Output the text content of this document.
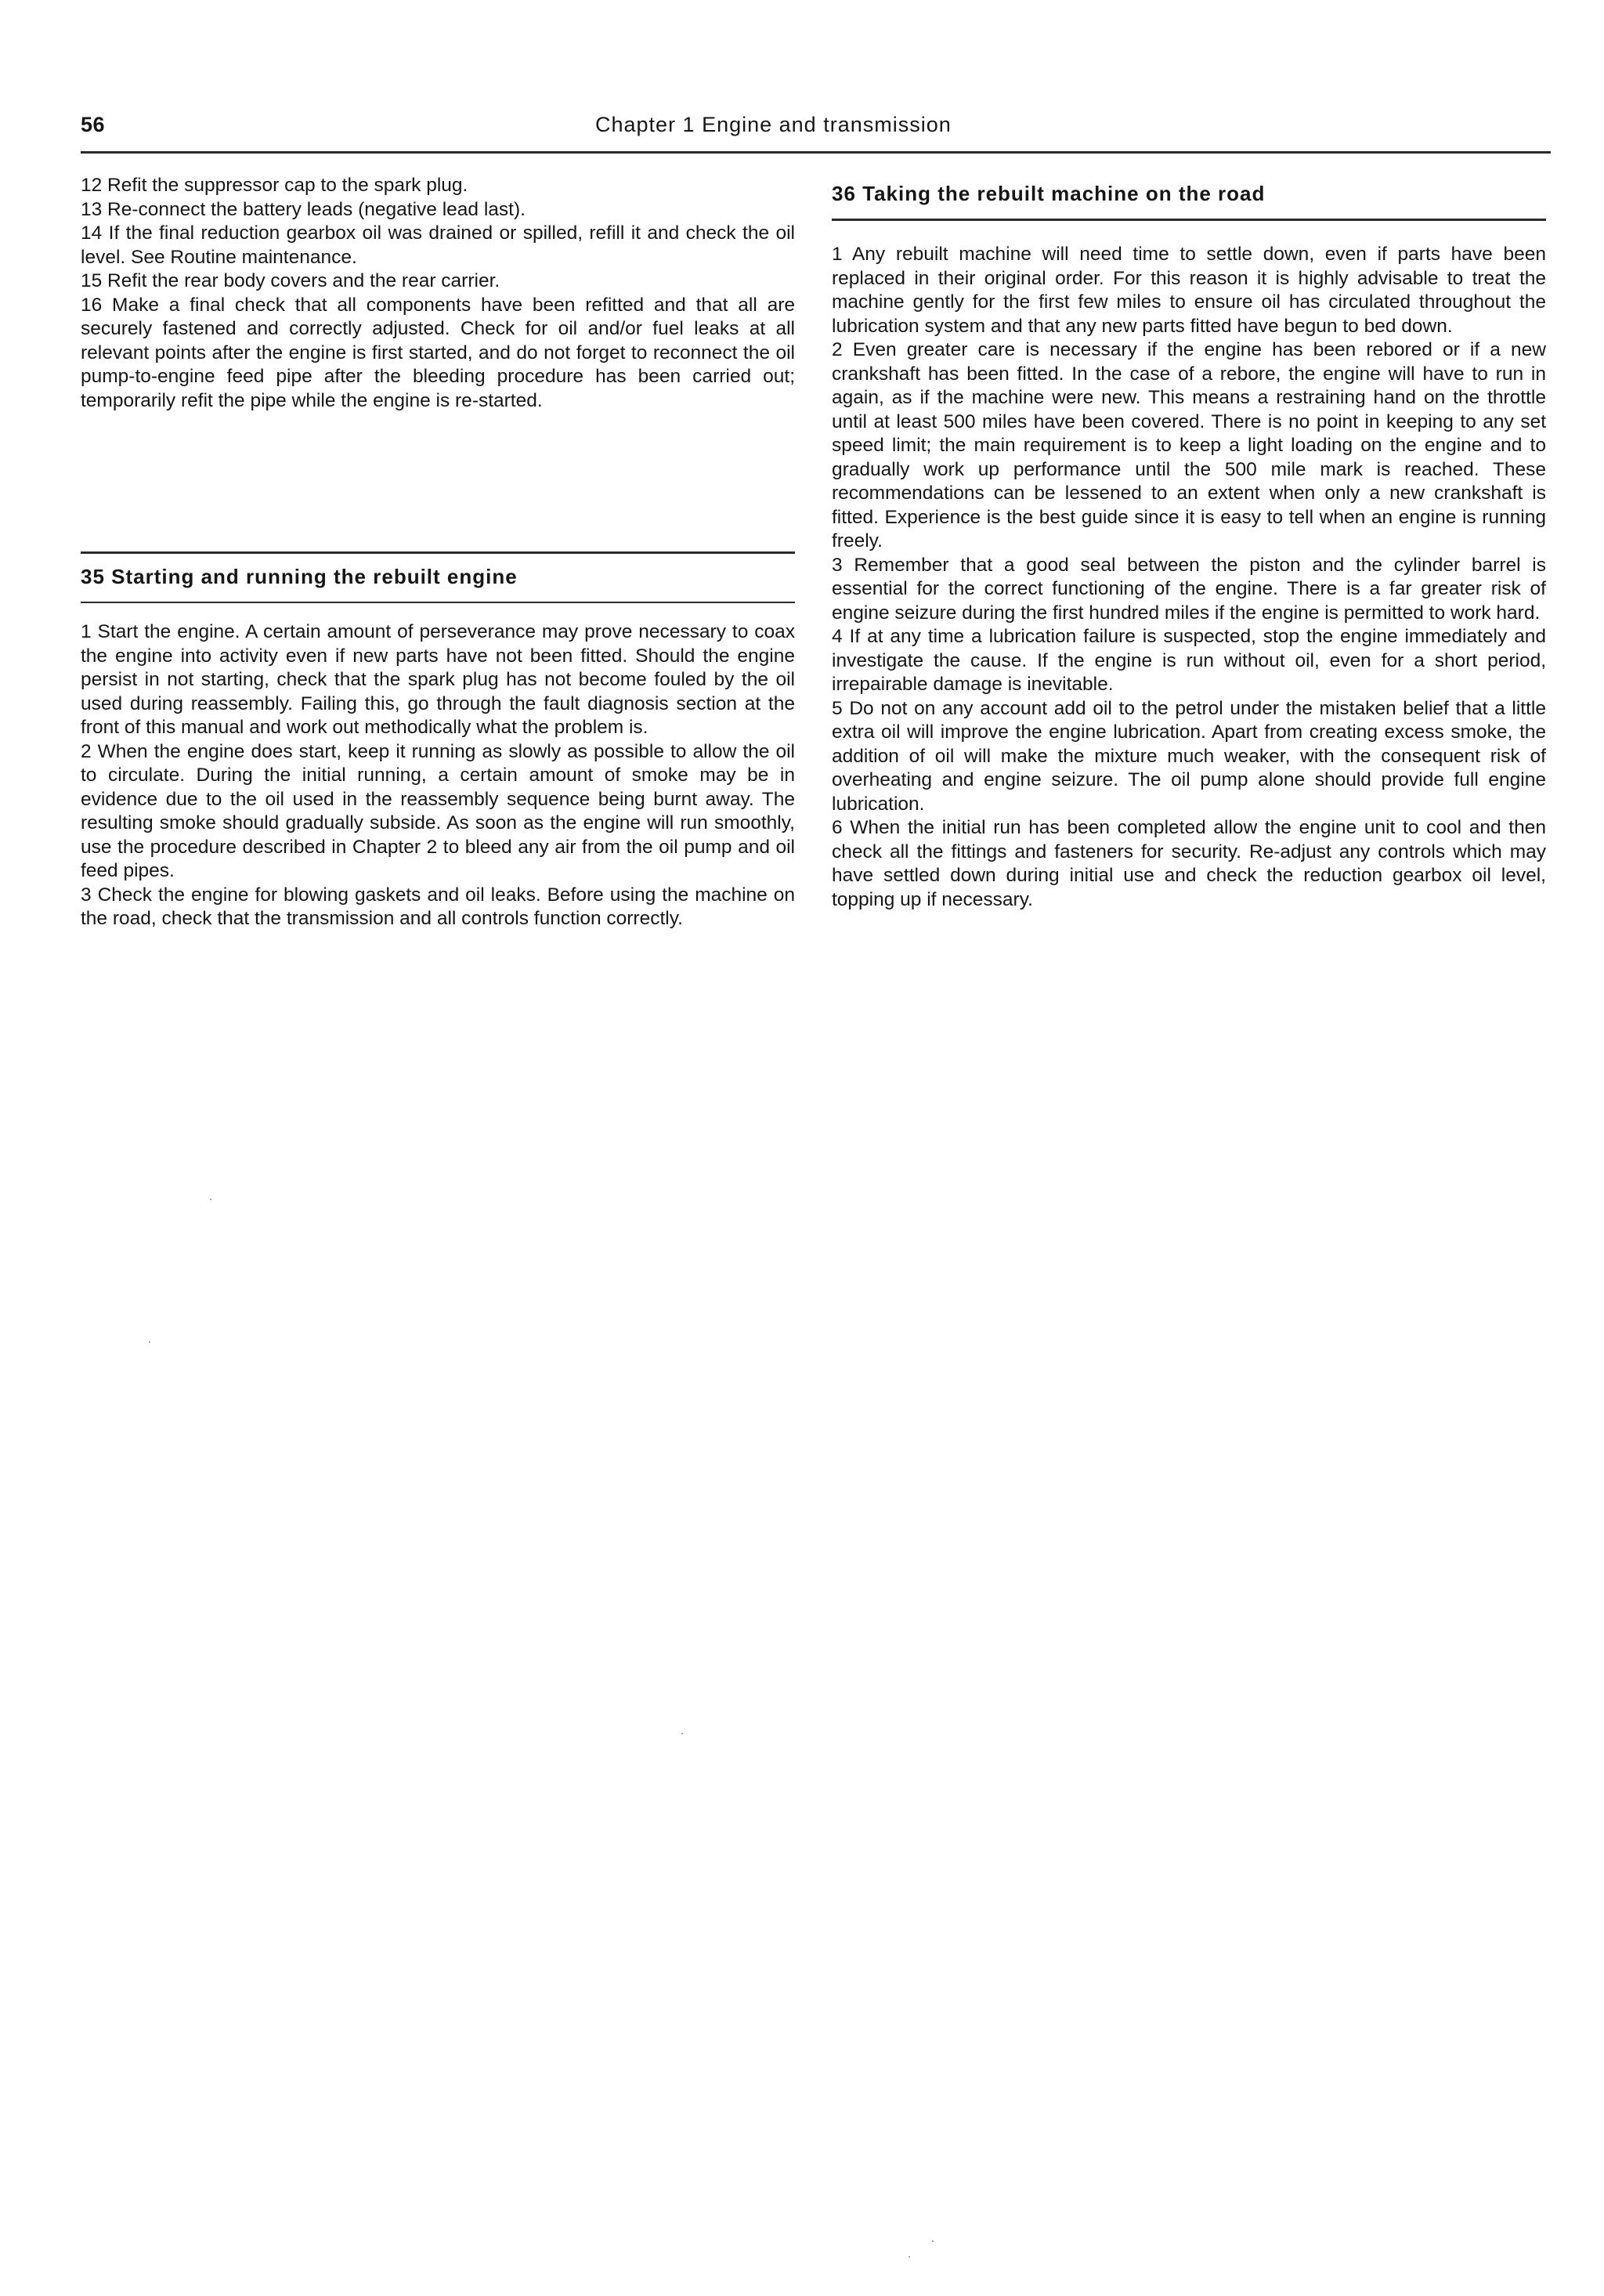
56	Chapter 1 Engine and transmission

12 Refit the suppressor cap to the spark plug.

13 Re-connect the battery leads (negative lead last).

14 If the final reduction gearbox oil was drained or spilled, refill it and check the oil level. See Routine maintenance.

15 Refit the rear body covers and the rear carrier.

16 Make a final check that all components have been refitted and that all are securely fastened and correctly adjusted. Check for oil and/or fuel leaks at all relevant points after the engine is first started, and do not forget to reconnect the oil pump-to-engine feed pipe after the bleeding procedure has been carried out; temporarily refit the pipe while the engine is re-started.

35 Starting and running the rebuilt engine

1 Start the engine. A certain amount of perseverance may prove necessary to coax the engine into activity even if new parts have not been fitted. Should the engine persist in not starting, check that the spark plug has not become fouled by the oil used during reassembly. Failing this, go through the fault diagnosis section at the front of this manual and work out methodically what the problem is.

2 When the engine does start, keep it running as slowly as possible to allow the oil to circulate. During the initial running, a certain amount of smoke may be in evidence due to the oil used in the reassembly sequence being burnt away. The resulting smoke should gradually subside. As soon as the engine will run smoothly, use the procedure described in Chapter 2 to bleed any air from the oil pump and oil feed pipes.

3 Check the engine for blowing gaskets and oil leaks. Before using the machine on the road, check that the transmission and all controls function correctly.

36 Taking the rebuilt machine on the road

1 Any rebuilt machine will need time to settle down, even if parts have been replaced in their original order. For this reason it is highly advisable to treat the machine gently for the first few miles to ensure oil has circulated throughout the lubrication system and that any new parts fitted have begun to bed down.

2 Even greater care is necessary if the engine has been rebored or if a new crankshaft has been fitted. In the case of a rebore, the engine will have to run in again, as if the machine were new. This means a restraining hand on the throttle until at least 500 miles have been covered. There is no point in keeping to any set speed limit; the main requirement is to keep a light loading on the engine and to gradually work up performance until the 500 mile mark is reached. These recommendations can be lessened to an extent when only a new crankshaft is fitted. Experience is the best guide since it is easy to tell when an engine is running freely.

3 Remember that a good seal between the piston and the cylinder barrel is essential for the correct functioning of the engine. There is a far greater risk of engine seizure during the first hundred miles if the engine is permitted to work hard.

4 If at any time a lubrication failure is suspected, stop the engine immediately and investigate the cause. If the engine is run without oil, even for a short period, irrepairable damage is inevitable.

5 Do not on any account add oil to the petrol under the mistaken belief that a little extra oil will improve the engine lubrication. Apart from creating excess smoke, the addition of oil will make the mixture much weaker, with the consequent risk of overheating and engine seizure. The oil pump alone should provide full engine lubrication.

6 When the initial run has been completed allow the engine unit to cool and then check all the fittings and fasteners for security. Re-adjust any controls which may have settled down during initial use and check the reduction gearbox oil level, topping up if necessary.
